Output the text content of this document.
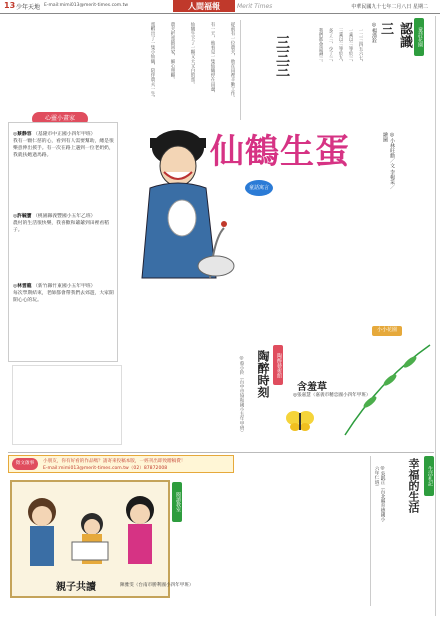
13 少年天地 E-mail:mimi013@merit-times.com.tw	人間福報	Merit Times	中華民國九十七年二月八日 星期二
童詩花園
認識三
◎楊漢銓
一二三四五六七，
一乘以三等於三，
三乘以三等於九，
多了三，少了三，
我們都會認識三。
三三三
從前有一位農夫，他在田裡辛勤工作。
有一天，他看見一隻仙鶴停在田邊，
仙鶴生下了一顆又大又白的蛋。
農夫把蛋抱回家，細心照顧。
蛋孵出了一隻小仙鶴，陪伴農夫一生。
仙鶴生蛋
童話寓言	◎小林旺勳／文 李楊采／繪圖
心靈小畫家
◎蔡静容 （基隆市中正國小四年甲班）
我有一顆仁慈的心，看到有人需要幫助，總是很樂意伸出援手。有一次在路上遇到一位老奶奶，我就扶她過馬路。
◎許毓寶 （桃園縣義豐國小五年乙班）
農村的生活很快樂，我喜歡和爺爺到田裡看稻子。
◎林雲龍 （新竹縣竹東國小五年甲班）
每次學期結束，老師都會帶我們去郊遊，大家開開心心的玩。
陶醉藝術館
陶醉時刻
◎蔡小鈴（台中市協和國小五年甲班）
小小花園
含羞草
◎張嘉慧（嘉義市精忠國小四年甲班）
生活札記
幸福的生活
◎吳凱正（台北縣育德國小六年仁班）
徵文啟事	小朋友，你有好看的作品嗎？請寄來投稿本版，一經刊出即致贈稿費！
E-mail:mimi013@merit-times.com.tw（02）87872008
閱讀教室
親子共讀	陳雅雯（台南市勝利國小四年甲班）
